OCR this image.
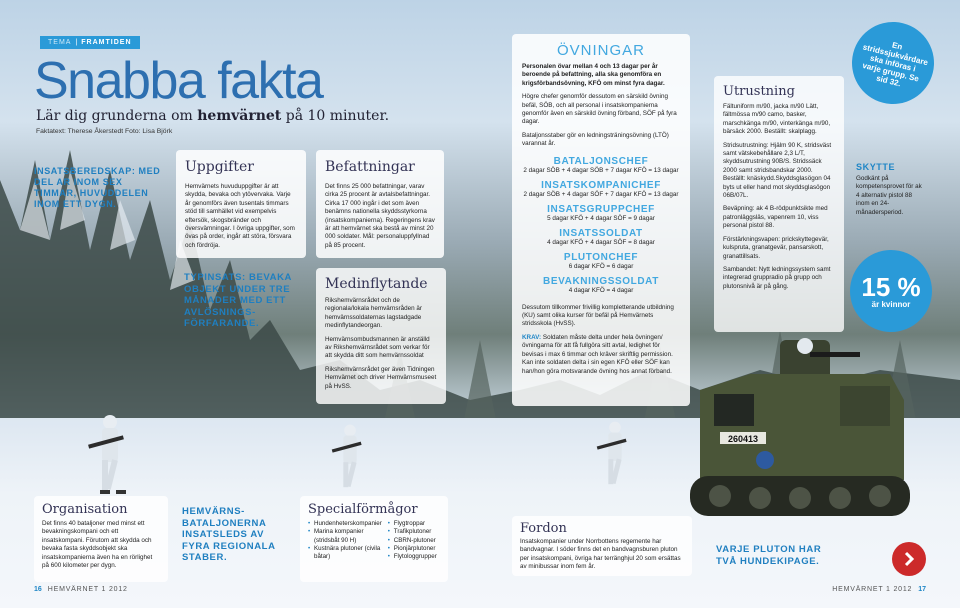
260413
TEMA | FRAMTIDEN
Snabba fakta
Lär dig grunderna om hemvärnet på 10 minuter.
Faktatext: Therese Åkerstedt Foto: Lisa Björk
INSATSBEREDSKAP: MED DEL AR INOM SEX TIMMAR, HUVUDDELEN INOM ETT DYGN.
Uppgifter
Hemvärnets huvuduppgifter är att skydda, bevaka och ytövervaka. Varje år genomförs även tusentals timmars stöd till samhället vid exempelvis eftersök, skogsbränder och översvämningar. I övriga uppgifter, som övas på order, ingår att störa, försvara och fördröja.
TYPINSATS: BEVAKA OBJEKT UNDER TRE MÅNADER MED ETT AVLÖSNINGS-FÖRFARANDE.
Befattningar
Det finns 25 000 befattningar, varav cirka 25 procent är avtalsbefattningar. Cirka 17 000 ingår i det som även benämns nationella skyddsstyrkorna (insatskompanierna). Regeringens krav är att hemvärnet ska bestå av minst 20 000 soldater. Mål: personaluppfyllnad på 85 procent.
Medinflytande
Rikshemvärnsrådet och de regionala/lokala hemvärnsråden är hemvärnssoldaternas lagstadgade medinflytandeorgan.
Hemvärnsombudsmannen är anställd av Rikshemvärnsrådet som verkar för att skydda ditt som hemvärnssoldat
Rikshemvärnsrådet ger även Tidningen Hemvärnet och driver Hemvärnsmuseet på HvSS.
ÖVNINGAR
Personalen övar mellan 4 och 13 dagar per år beroende på befattning, alla ska genomföra en krigsförbandsövning, KFÖ om minst fyra dagar.
Högre chefer genomför dessutom en särskild övning befäl, SÖB, och all personal i insatskompanierna genomför även en särskild övning förband, SÖF på fyra dagar.
Bataljonsstaber gör en ledningsträningsövning (LTÖ) varannat år.
BATALJONSCHEF
2 dagar SÖB + 4 dagar SÖB + 7 dagar KFÖ = 13 dagar
INSATSKOMPANICHEF
2 dagar SÖB + 4 dagar SÖF + 7 dagar KFÖ = 13 dagar
INSATSGRUPPCHEF
5 dagar KFÖ + 4 dagar SÖF = 9 dagar
INSATSSOLDAT
4 dagar KFÖ + 4 dagar SÖF = 8 dagar
PLUTONCHEF
6 dagar KFÖ = 6 dagar
BEVAKNINGSSOLDAT
4 dagar KFÖ = 4 dagar
Dessutom tillkommer frivillig kompletterande utbildning (KU) samt olika kurser för befäl på Hemvärnets stridsskola (HvSS).
KRAV: Soldaten måste delta under hela övningen/övningarna för att få fullgöra sitt avtal, ledighet för bevisas i max 6 timmar och kräver skriftlig permission. Kan inte soldaten delta i sin egen KFÖ eller SÖF kan han/hon göra motsvarande övning hos annat förband.
Utrustning
Fältuniform m/90, jacka m/90 Lätt, fältmössa m/90 camo, basker, marschkänga m/90, vinterkänga m/90, bärsäck 2000. Beställt: skalplagg.
Stridsutrustning: Hjälm 90 K, stridsväst samt vätskebehållare 2,3 L/T, skyddsutrustning 90B/S. Stridssäck 2000 samt stridsbandskar 2000. Beställt: knäskydd.Skyddsglasögon 04 byts ut eller hand mot skyddsglasögon 06B/07L.
Beväpning: ak 4 B-rödpunktsikte med patronläggsläs, vapenrem 10, viss personal pistol 88.
Förstärkningsvapen: prickskyttegevär, kulspruta, granatgevär, pansarskott, granattillsats.
Sambandet: Nytt ledningssystem samt integrerad gruppradio på grupp och plutonsnivå är på gång.
En stridssjukvårdare ska införas i varje grupp. Se sid 32.
SKYTTE
Godkänt på kompetensprovet för ak 4 alternativ pistol 88 inom en 24-månadersperiod.
15 %
är kvinnor
Organisation
Det finns 40 bataljoner med minst ett bevakningskompani och ett insatskompani. Förutom att skydda och bevaka fasta skyddsobjekt ska insatskompanierna även ha en rörlighet på 600 kilometer per dygn.
HEMVÄRNS-BATALJONERNA INSATSLEDS AV FYRA REGIONALA STABER.
Specialförmågor
• Hundenheterskompanier
• Marina kompanier (stridsbåt 90 H)
• Kustnära plutoner (civila båtar)
• Flygtroppar
• Trafikplutoner
• CBRN-plutoner
• Pionjärplutoner
• Flytologgrupper
Fordon
Insatskompanier under Norrbottens regemente har bandvagnar. I söder finns det en bandvagnsburen pluton per insatskompani, övriga har terränghjul 20 som ersättas av minibussar inom fem år.
VARJE PLUTON HAR TVÅ HUNDEKIPAGE.
16 HEMVÄRNET 1 2012	HEMVÄRNET 1 2012 17
